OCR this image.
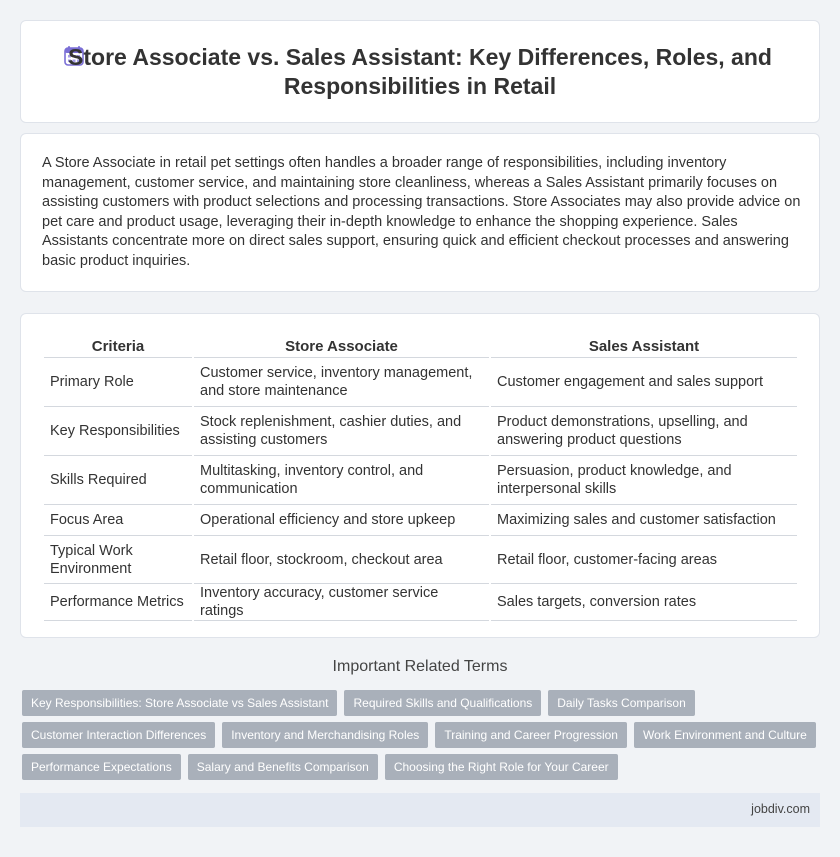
Store Associate vs. Sales Assistant: Key Differences, Roles, and Responsibilities in Retail

A Store Associate in retail pet settings often handles a broader range of responsibilities, including inventory management, customer service, and maintaining store cleanliness, whereas a Sales Assistant primarily focuses on assisting customers with product selections and processing transactions. Store Associates may also provide advice on pet care and product usage, leveraging their in-depth knowledge to enhance the shopping experience. Sales Assistants concentrate more on direct sales support, ensuring quick and efficient checkout processes and answering basic product inquiries.

Criteria	Store Associate	Sales Assistant
Primary Role	Customer service, inventory management, and store maintenance	Customer engagement and sales support
Key Responsibilities	Stock replenishment, cashier duties, and assisting customers	Product demonstrations, upselling, and answering product questions
Skills Required	Multitasking, inventory control, and communication	Persuasion, product knowledge, and interpersonal skills
Focus Area	Operational efficiency and store upkeep	Maximizing sales and customer satisfaction
Typical Work Environment	Retail floor, stockroom, checkout area	Retail floor, customer-facing areas
Performance Metrics	Inventory accuracy, customer service ratings	Sales targets, conversion rates
Important Related Terms
Key Responsibilities: Store Associate vs Sales Assistant	Required Skills and Qualifications	Daily Tasks Comparison
Customer Interaction Differences	Inventory and Merchandising Roles	Training and Career Progression	Work Environment and Culture
Performance Expectations	Salary and Benefits Comparison	Choosing the Right Role for Your Career
jobdiv.com
